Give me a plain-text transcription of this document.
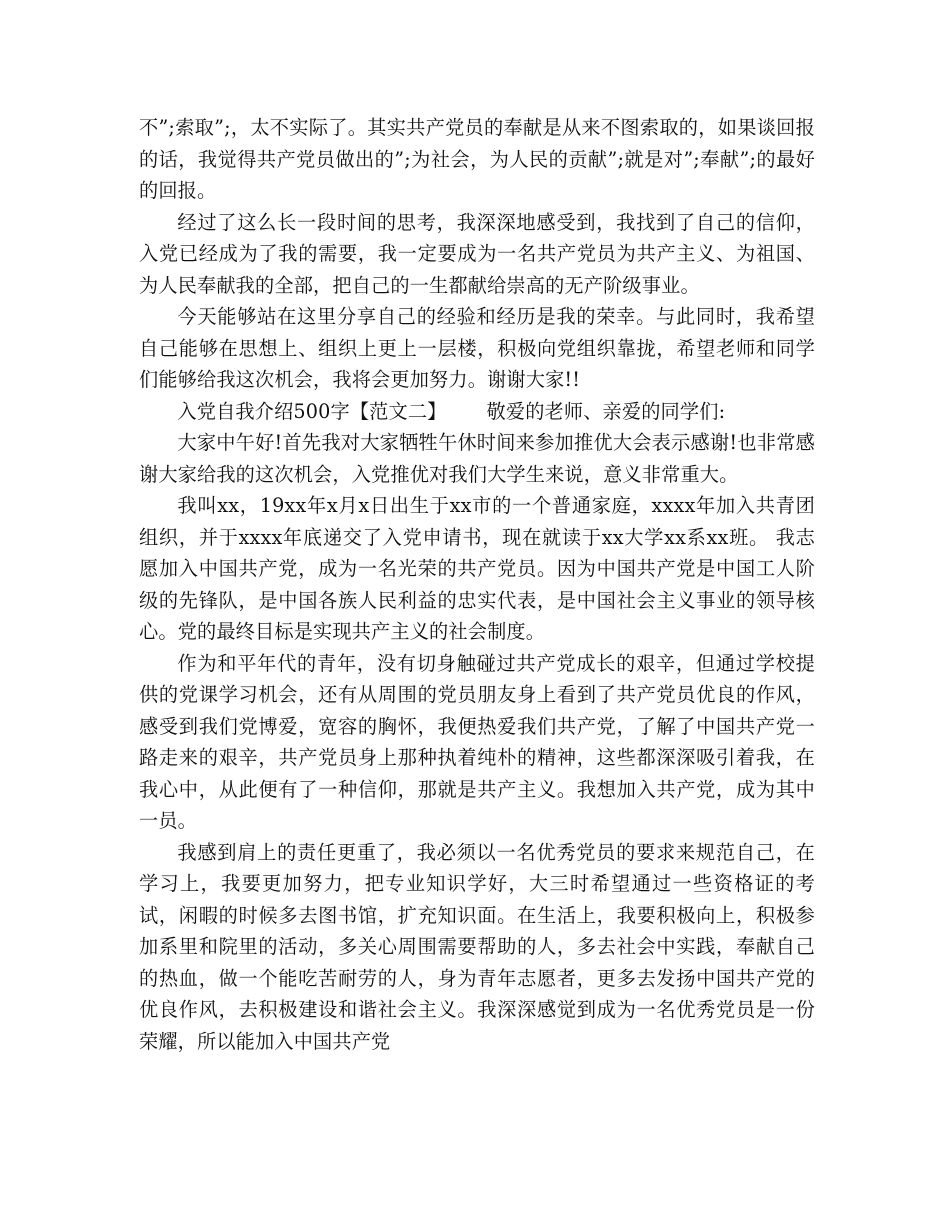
不”;索取”;，太不实际了。其实共产党员的奉献是从来不图索取的，如果谈回报的话，我觉得共产党员做出的”;为社会，为人民的贡献”;就是对”;奉献”;的最好的回报。

经过了这么长一段时间的思考，我深深地感受到，我找到了自己的信仰，入党已经成为了我的需要，我一定要成为一名共产党员为共产主义、为祖国、为人民奉献我的全部，把自己的一生都献给崇高的无产阶级事业。

今天能够站在这里分享自己的经验和经历是我的荣幸。与此同时，我希望自己能够在思想上、组织上更上一层楼，积极向党组织靠拢，希望老师和同学们能够给我这次机会，我将会更加努力。谢谢大家!!

入党自我介绍500字【范文二】 敬爱的老师、亲爱的同学们:

大家中午好!首先我对大家牺牲午休时间来参加推优大会表示感谢!也非常感谢大家给我的这次机会，入党推优对我们大学生来说，意义非常重大。

我叫xx，19xx年x月x日出生于xx市的一个普通家庭，xxxx年加入共青团组织，并于xxxx年底递交了入党申请书，现在就读于xx大学xx系xx班。 我志愿加入中国共产党，成为一名光荣的共产党员。因为中国共产党是中国工人阶级的先锋队，是中国各族人民利益的忠实代表，是中国社会主义事业的领导核心。党的最终目标是实现共产主义的社会制度。

作为和平年代的青年，没有切身触碰过共产党成长的艰辛，但通过学校提供的党课学习机会，还有从周围的党员朋友身上看到了共产党员优良的作风，感受到我们党博爱，宽容的胸怀，我便热爱我们共产党，了解了中国共产党一路走来的艰辛，共产党员身上那种执着纯朴的精神，这些都深深吸引着我，在我心中，从此便有了一种信仰，那就是共产主义。我想加入共产党，成为其中一员。

我感到肩上的责任更重了，我必须以一名优秀党员的要求来规范自己，在学习上，我要更加努力，把专业知识学好，大三时希望通过一些资格证的考试，闲暇的时候多去图书馆，扩充知识面。在生活上，我要积极向上，积极参加系里和院里的活动，多关心周围需要帮助的人，多去社会中实践，奉献自己的热血，做一个能吃苦耐劳的人，身为青年志愿者，更多去发扬中国共产党的优良作风，去积极建设和谐社会主义。我深深感觉到成为一名优秀党员是一份荣耀，所以能加入中国共产党
